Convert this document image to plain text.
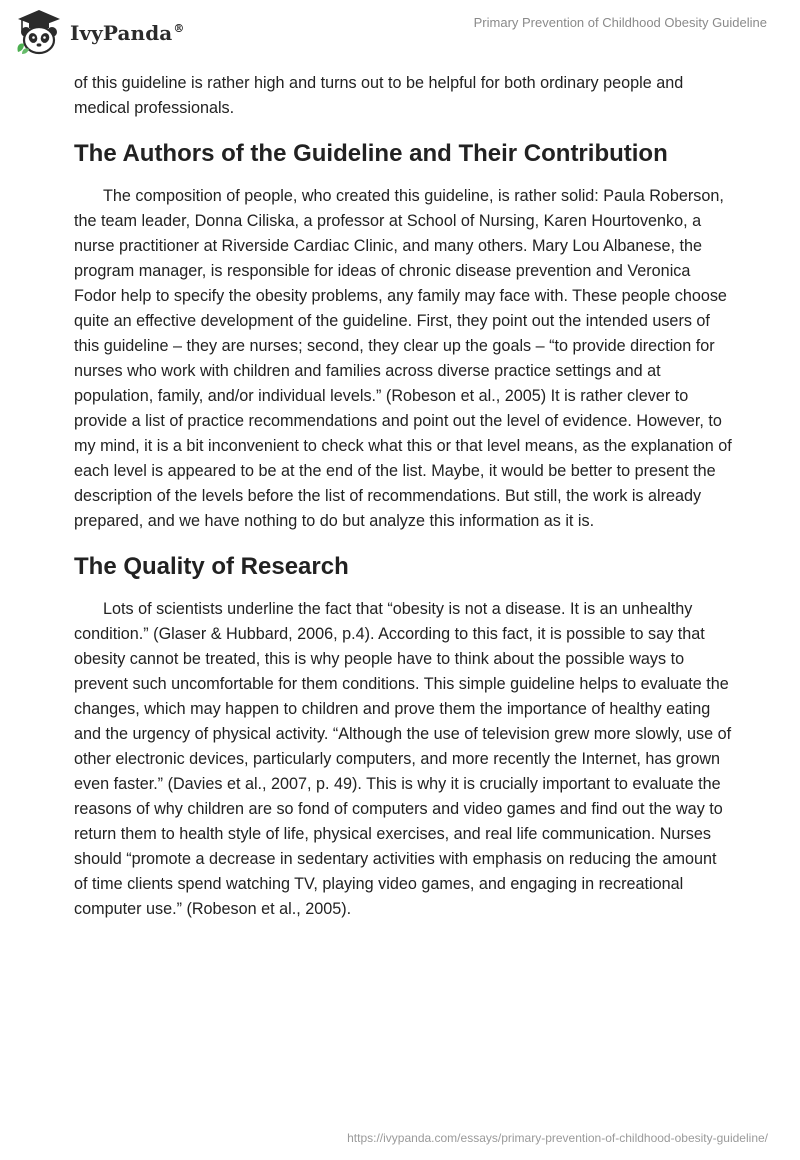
IvyPanda®	Primary Prevention of Childhood Obesity Guideline

of this guideline is rather high and turns out to be helpful for both ordinary people and medical professionals.

The Authors of the Guideline and Their Contribution

The composition of people, who created this guideline, is rather solid: Paula Roberson, the team leader, Donna Ciliska, a professor at School of Nursing, Karen Hourtovenko, a nurse practitioner at Riverside Cardiac Clinic, and many others. Mary Lou Albanese, the program manager, is responsible for ideas of chronic disease prevention and Veronica Fodor help to specify the obesity problems, any family may face with. These people choose quite an effective development of the guideline. First, they point out the intended users of this guideline – they are nurses; second, they clear up the goals – “to provide direction for nurses who work with children and families across diverse practice settings and at population, family, and/or individual levels.” (Robeson et al., 2005) It is rather clever to provide a list of practice recommendations and point out the level of evidence. However, to my mind, it is a bit inconvenient to check what this or that level means, as the explanation of each level is appeared to be at the end of the list. Maybe, it would be better to present the description of the levels before the list of recommendations. But still, the work is already prepared, and we have nothing to do but analyze this information as it is.

The Quality of Research

Lots of scientists underline the fact that “obesity is not a disease. It is an unhealthy condition.” (Glaser & Hubbard, 2006, p.4). According to this fact, it is possible to say that obesity cannot be treated, this is why people have to think about the possible ways to prevent such uncomfortable for them conditions. This simple guideline helps to evaluate the changes, which may happen to children and prove them the importance of healthy eating and the urgency of physical activity. “Although the use of television grew more slowly, use of other electronic devices, particularly computers, and more recently the Internet, has grown even faster.” (Davies et al., 2007, p. 49). This is why it is crucially important to evaluate the reasons of why children are so fond of computers and video games and find out the way to return them to health style of life, physical exercises, and real life communication. Nurses should “promote a decrease in sedentary activities with emphasis on reducing the amount of time clients spend watching TV, playing video games, and engaging in recreational computer use.” (Robeson et al., 2005).

https://ivypanda.com/essays/primary-prevention-of-childhood-obesity-guideline/
